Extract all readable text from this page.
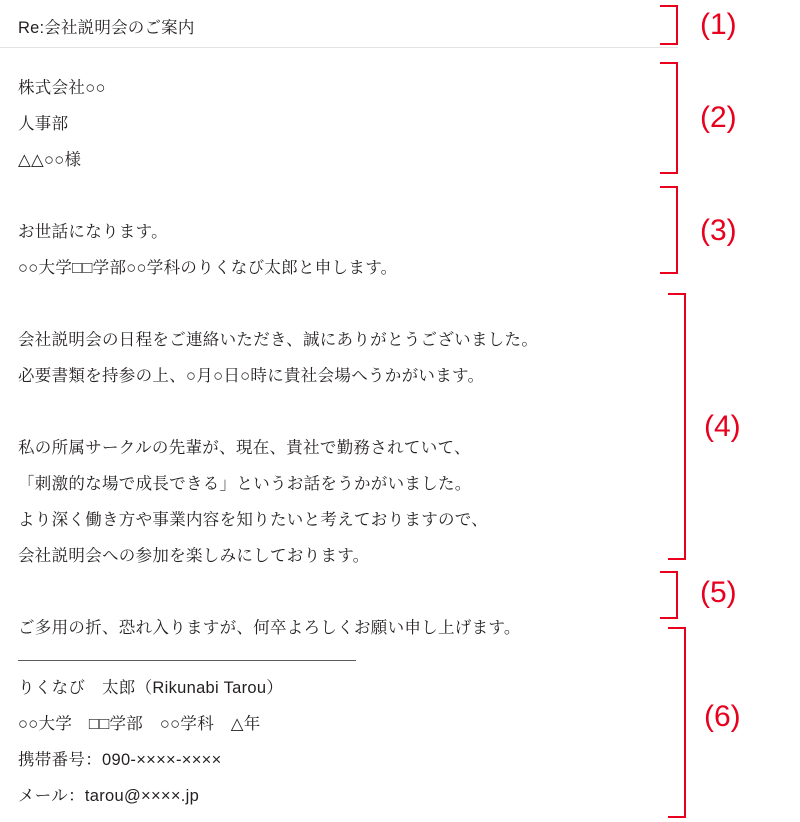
Re:会社説明会のご案内
株式会社○○
人事部
△△○○様
お世話になります。
○○大学□□学部○○学科のりくなび太郎と申します。
会社説明会の日程をご連絡いただき、誠にありがとうございました。
必要書類を持参の上、○月○日○時に貴社会場へうかがいます。
私の所属サークルの先輩が、現在、貴社で勤務されていて、
「刺激的な場で成長できる」というお話をうかがいました。
より深く働き方や事業内容を知りたいと考えておりますので、
会社説明会への参加を楽しみにしております。
ご多用の折、恐れ入りますが、何卒よろしくお願い申し上げます。
りくなび　太郎（Rikunabi Tarou）
○○大学　□□学部　○○学科　△年
携帯番号：090-××××-××××
メール：tarou@××××.jp
(1)
(2)
(3)
(4)
(5)
(6)
